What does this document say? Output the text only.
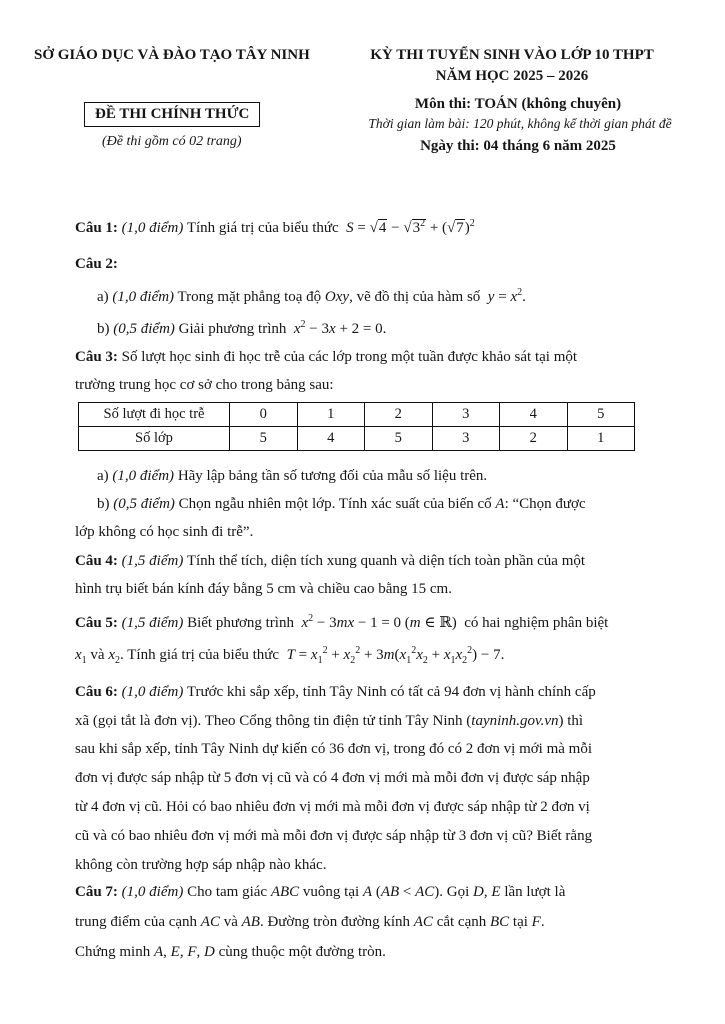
SỞ GIÁO DỤC VÀ ĐÀO TẠO TÂY NINH	KỲ THI TUYỂN SINH VÀO LỚP 10 THPT
NĂM HỌC 2025 – 2026
ĐỀ THI CHÍNH THỨC
(Đề thi gồm có 02 trang)
Môn thi: TOÁN (không chuyên)
Thời gian làm bài: 120 phút, không kể thời gian phát đề
Ngày thi: 04 tháng 6 năm 2025
Câu 1: (1,0 điểm) Tính giá trị của biểu thức $S = √4 - √3^2 + (√7)^2$
Câu 2:
a) (1,0 điểm) Trong mặt phẳng toạ độ Oxy, vẽ đồ thị của hàm số $y = x^2$.
b) (0,5 điểm) Giải phương trình $x^2 - 3x + 2 = 0$.
Câu 3: Số lượt học sinh đi học trễ của các lớp trong một tuần được khảo sát tại một
trường trung học cơ sở cho trong bảng sau:
Số lượt đi học trễ	0	1	2	3	4	5
Số lớp	5	4	5	3	2	1
a) (1,0 điểm) Hãy lập bảng tần số tương đối của mẫu số liệu trên.
b) (0,5 điểm) Chọn ngẫu nhiên một lớp. Tính xác suất của biến cố A: “Chọn được
lớp không có học sinh đi trễ”.
Câu 4: (1,5 điểm) Tính thể tích, diện tích xung quanh và diện tích toàn phần của một
hình trụ biết bán kính đáy bằng 5 cm và chiều cao bằng 15 cm.
Câu 5: (1,5 điểm) Biết phương trình $x^2 - 3mx - 1 = 0$ (m ∈ ℝ)  có hai nghiệm phân biệt
$x_1$ và $x_2$. Tính giá trị của biểu thức $T = x_1^2 + x_2^2 + 3m(x_1^2x_2 + x_1x_2^2) - 7$.
Câu 6: (1,0 điểm) Trước khi sắp xếp, tỉnh Tây Ninh có tất cả 94 đơn vị hành chính cấp
xã (gọi tắt là đơn vị). Theo Cổng thông tin điện tử tỉnh Tây Ninh (tayninh.gov.vn) thì
sau khi sắp xếp, tỉnh Tây Ninh dự kiến có 36 đơn vị, trong đó có 2 đơn vị mới mà mỗi
đơn vị được sáp nhập từ 5 đơn vị cũ và có 4 đơn vị mới mà mỗi đơn vị được sáp nhập
từ 4 đơn vị cũ. Hỏi có bao nhiêu đơn vị mới mà mỗi đơn vị được sáp nhập từ 2 đơn vị
cũ và có bao nhiêu đơn vị mới mà mỗi đơn vị được sáp nhập từ 3 đơn vị cũ? Biết rằng
không còn trường hợp sáp nhập nào khác.
Câu 7: (1,0 điểm) Cho tam giác ABC vuông tại A (AB < AC). Gọi D, E lần lượt là
trung điểm của cạnh AC và AB. Đường tròn đường kính AC cắt cạnh BC tại F.
Chứng minh A, E, F, D cùng thuộc một đường tròn.
